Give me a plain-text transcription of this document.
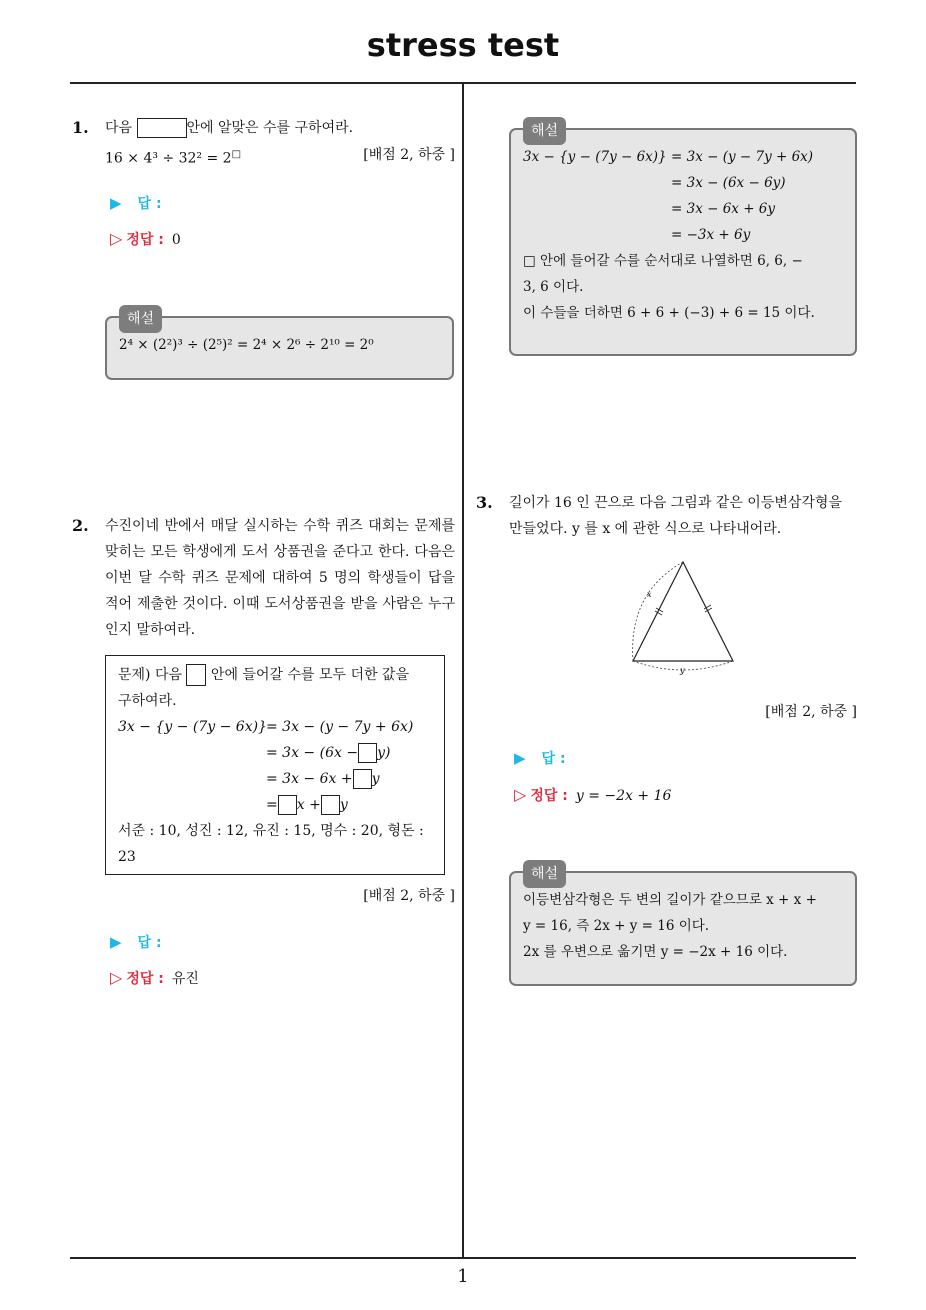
stress test
1
1. 다음	안에 알맞은 수를 구하여라.
16 × 4³ ÷ 32² = 2□	[배점 2, 하중 ]
▶ 답 :
▷ 정답 : 0
해설
2⁴ × (2²)³ ÷ (2⁵)² = 2⁴ × 2⁶ ÷ 2¹⁰ = 2⁰
2. 수진이네 반에서 매달 실시하는 수학 퀴즈 대회는 문제를 맞히는 모든 학생에게 도서 상품권을 준다고 한다. 다음은 이번 달 수학 퀴즈 문제에 대하여 5 명의 학생들이 답을 적어 제출한 것이다. 이때 도서상품권을 받을 사람은 누구인지 말하여라.
문제) 다음 안에 들어갈 수를 모두 더한 값을
구하여라.
3x − {y − (7y − 6x)}= 3x − (y − 7y + 6x)
= 3x − (6x − y)
= 3x − 6x + y
= x + y
서준 : 10, 성진 : 12, 유진 : 15, 명수 : 20, 형돈 :
23
[배점 2, 하중 ]
▶ 답 :
▷ 정답 : 유진
해설
3x − {y − (7y − 6x)} = 3x − (y − 7y + 6x)
= 3x − (6x − 6y)
= 3x − 6x + 6y
= −3x + 6y
□ 안에 들어갈 수를 순서대로 나열하면 6, 6, −
3, 6 이다.
이 수들을 더하면 6 + 6 + (−3) + 6 = 15 이다.
3. 길이가 16 인 끈으로 다음 그림과 같은 이등변삼각형을
만들었다. y 를 x 에 관한 식으로 나타내어라.
x
y
[배점 2, 하중 ]
▶ 답 :
▷ 정답 : y = −2x + 16
해설
이등변삼각형은 두 변의 길이가 같으므로 x + x +
y = 16, 즉 2x + y = 16 이다.
2x 를 우변으로 옮기면 y = −2x + 16 이다.
